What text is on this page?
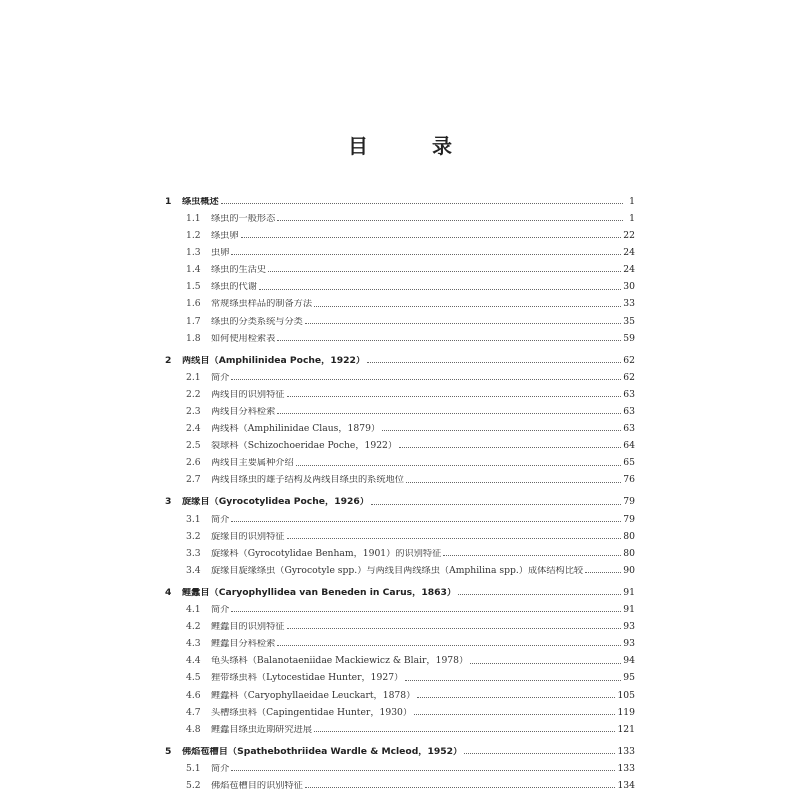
目　录
1	绦虫概述	1
1.1	绦虫的一般形态	1
1.2	绦虫卵	22
1.3	虫卵	24
1.4	绦虫的生活史	24
1.5	绦虫的代谢	30
1.6	常规绦虫样品的制备方法	33
1.7	绦虫的分类系统与分类	35
1.8	如何使用检索表	59
2	两线目（Amphilinidea Poche，1922）	62
2.1	简介	62
2.2	两线目的识别特征	63
2.3	两线目分科检索	63
2.4	两线科（Amphilinidae Claus，1879）	63
2.5	裂球科（Schizochoeridae Poche，1922）	64
2.6	两线目主要属种介绍	65
2.7	两线目绦虫的雄子结构及两线目绦虫的系统地位	76
3	旋缘目（Gyrocotylidea Poche，1926）	79
3.1	简介	79
3.2	旋缘目的识别特征	80
3.3	旋缘科（Gyrocotylidae Benham，1901）的识别特征	80
3.4	旋缘目旋缘绦虫（Gyrocotyle spp.）与两线目两线绦虫（Amphilina spp.）成体结构比较	90
4	鲤蠹目（Caryophyllidea van Beneden in Carus，1863）	91
4.1	简介	91
4.2	鲤蠹目的识别特征	93
4.3	鲤蠹目分科检索	93
4.4	龟头绦科（Balanotaeniidae Mackiewicz & Blair，1978）	94
4.5	狸带绦虫科（Lytocestidae Hunter，1927）	95
4.6	鲤蠹科（Caryophyllaeidae Leuckart，1878）	105
4.7	头槽绦虫科（Capingentidae Hunter，1930）	119
4.8	鲤蠹目绦虫近期研究进展	121
5	佛焰苞槽目（Spathebothriidea Wardle & Mcleod，1952）	133
5.1	简介	133
5.2	佛焰苞槽目的识别特征	134
